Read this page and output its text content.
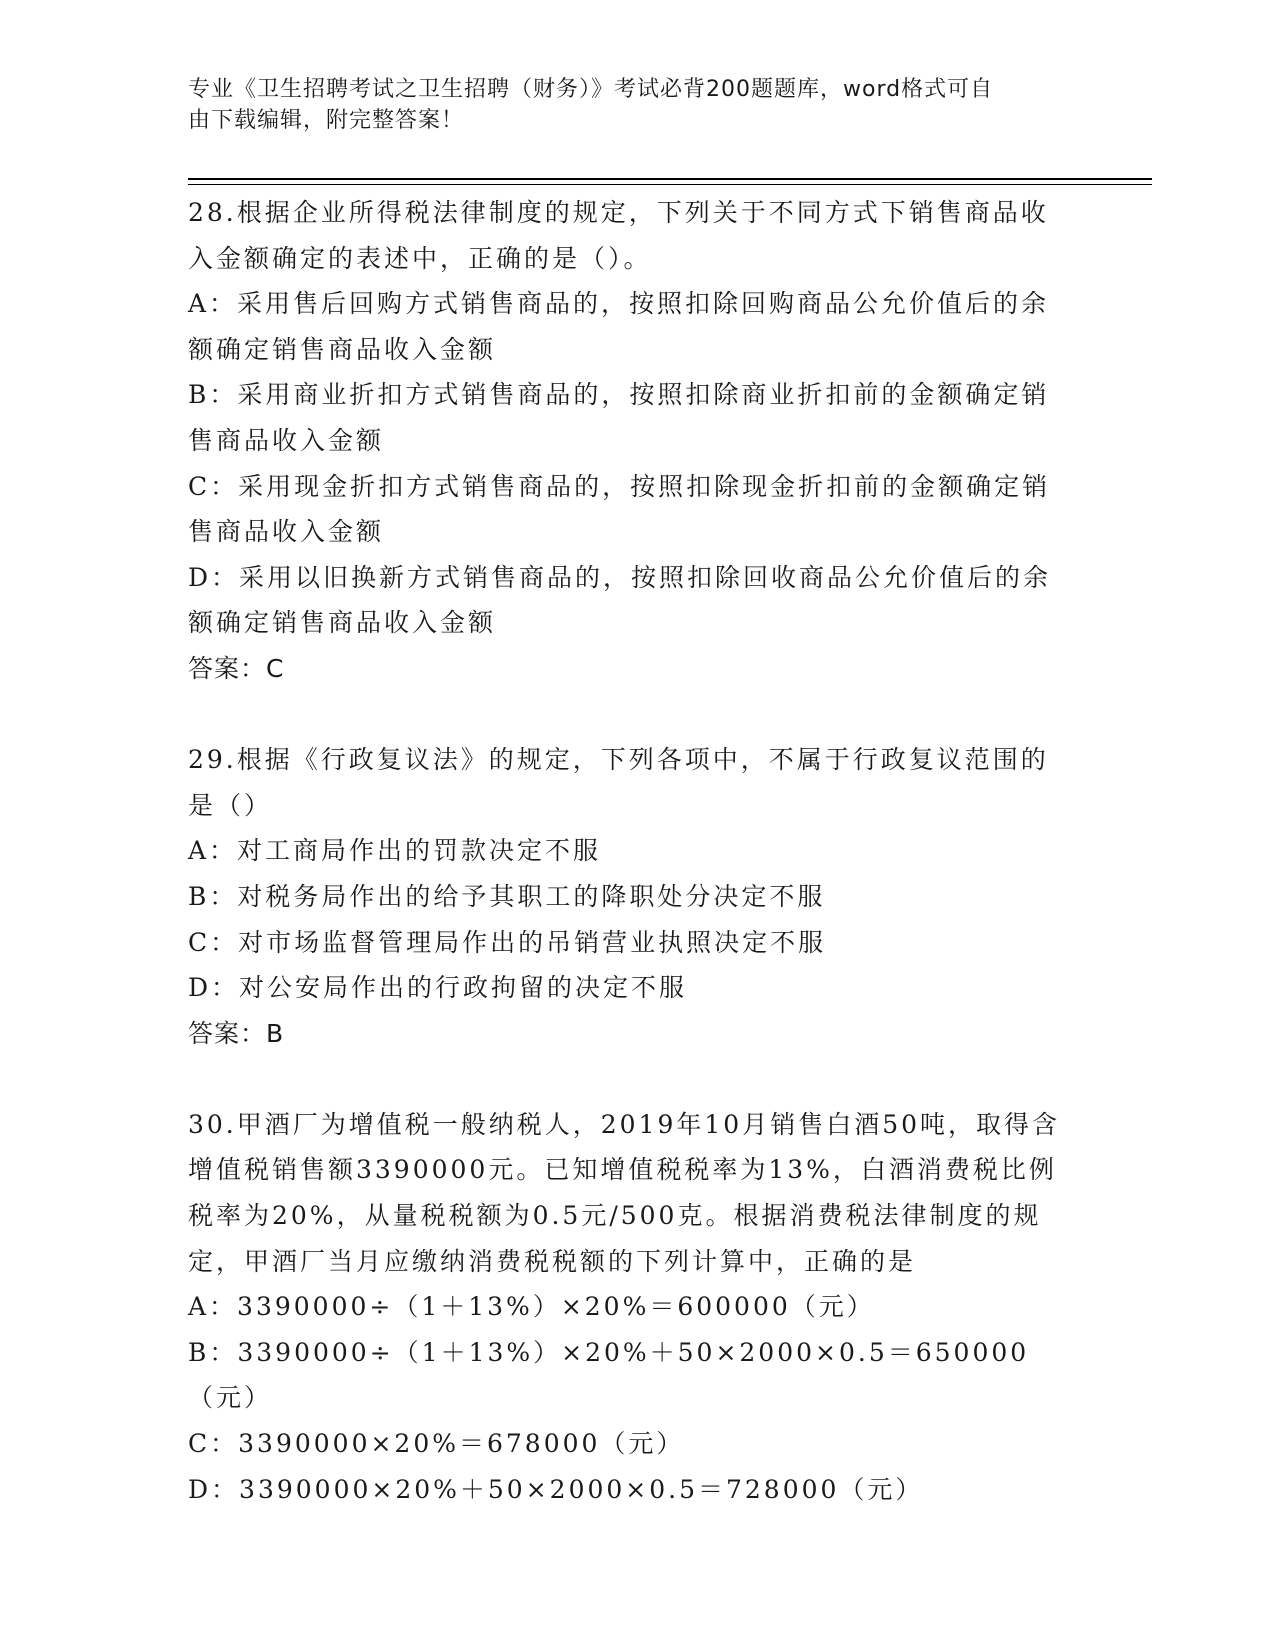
专业《卫生招聘考试之卫生招聘（财务）》考试必背200题题库，word格式可自
由下载编辑，附完整答案！

28.根据企业所得税法律制度的规定，下列关于不同方式下销售商品收

入金额确定的表述中，正确的是（）。

A：采用售后回购方式销售商品的，按照扣除回购商品公允价值后的余

额确定销售商品收入金额

B：采用商业折扣方式销售商品的，按照扣除商业折扣前的金额确定销

售商品收入金额

C：采用现金折扣方式销售商品的，按照扣除现金折扣前的金额确定销

售商品收入金额

D：采用以旧换新方式销售商品的，按照扣除回收商品公允价值后的余

额确定销售商品收入金额

答案：C

29.根据《行政复议法》的规定，下列各项中，不属于行政复议范围的

是（）

A：对工商局作出的罚款决定不服

B：对税务局作出的给予其职工的降职处分决定不服

C：对市场监督管理局作出的吊销营业执照决定不服

D：对公安局作出的行政拘留的决定不服

答案：B

30.甲酒厂为增值税一般纳税人，2019年10月销售白酒50吨，取得含

增值税销售额3390000元。已知增值税税率为13%，白酒消费税比例

税率为20%，从量税税额为0.5元/500克。根据消费税法律制度的规

定，甲酒厂当月应缴纳消费税税额的下列计算中，正确的是

A：3390000÷（1＋13%）×20%＝600000（元）

B：3390000÷（1＋13%）×20%＋50×2000×0.5＝650000（元）

C：3390000×20%＝678000（元）

D：3390000×20%＋50×2000×0.5＝728000（元）
